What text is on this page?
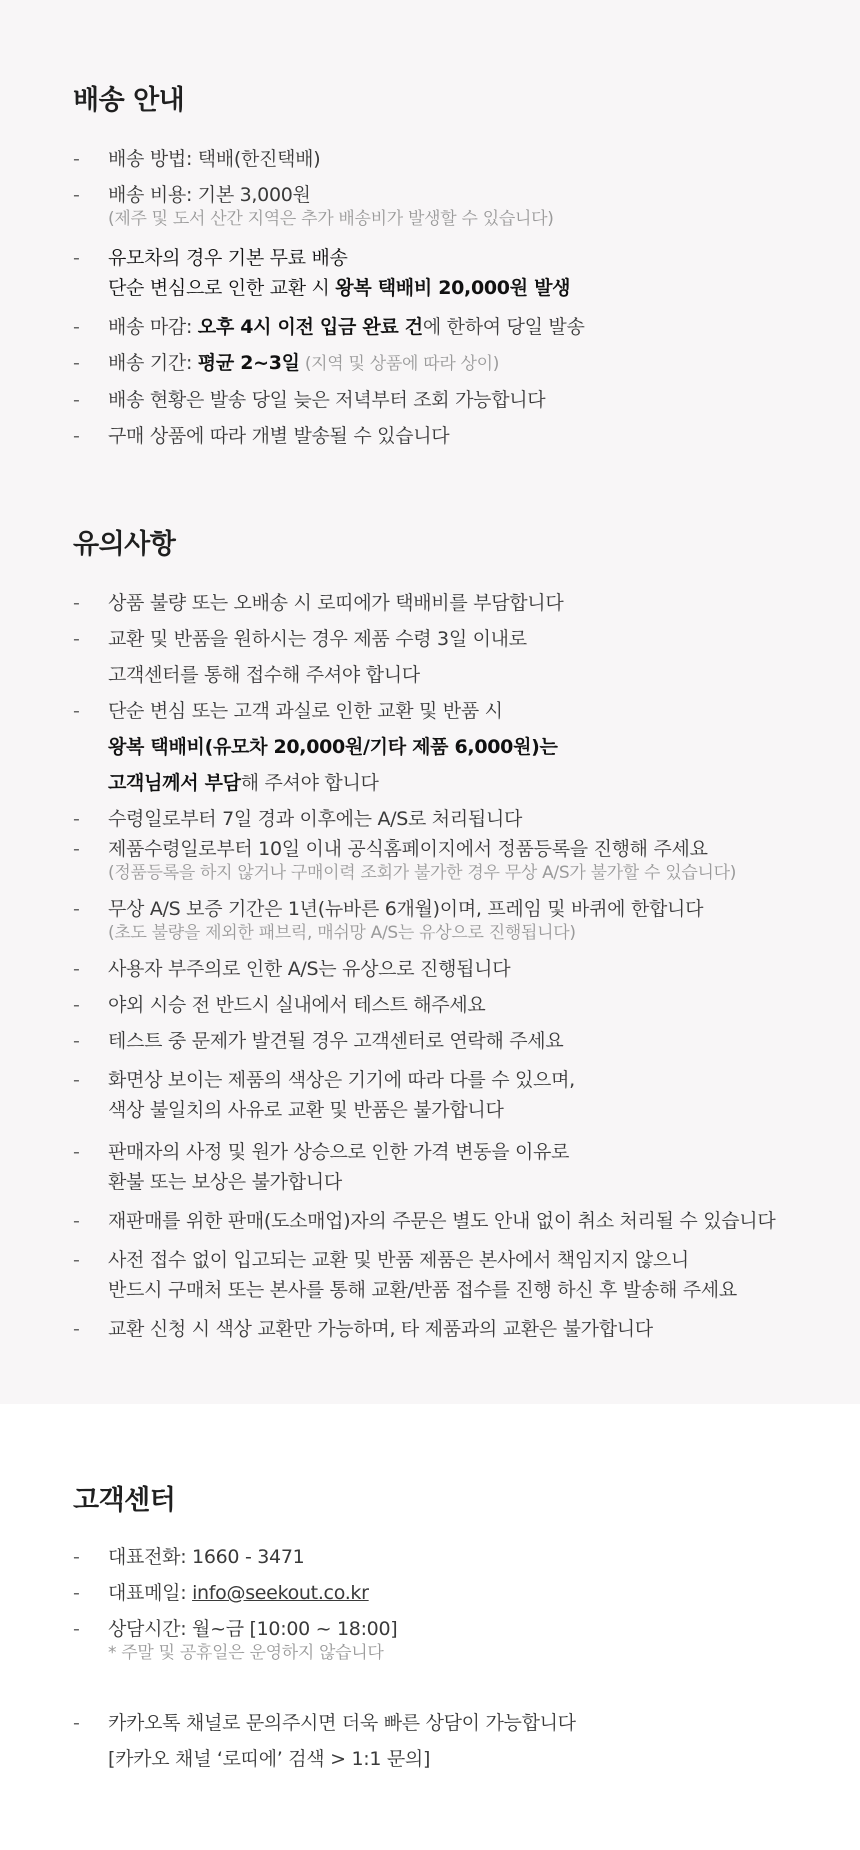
배송 안내
- 배송 방법: 택배(한진택배)
- 배송 비용: 기본 3,000원
(제주 및 도서 산간 지역은 추가 배송비가 발생할 수 있습니다)
- 유모차의 경우 기본 무료 배송
단순 변심으로 인한 교환 시 왕복 택배비 20,000원 발생
- 배송 마감: 오후 4시 이전 입금 완료 건에 한하여 당일 발송
- 배송 기간: 평균 2~3일 (지역 및 상품에 따라 상이)
- 배송 현황은 발송 당일 늦은 저녁부터 조회 가능합니다
- 구매 상품에 따라 개별 발송될 수 있습니다
유의사항
- 상품 불량 또는 오배송 시 로띠에가 택배비를 부담합니다
- 교환 및 반품을 원하시는 경우 제품 수령 3일 이내로
고객센터를 통해 접수해 주셔야 합니다
- 단순 변심 또는 고객 과실로 인한 교환 및 반품 시
왕복 택배비(유모차 20,000원/기타 제품 6,000원)는
고객님께서 부담해 주셔야 합니다
- 수령일로부터 7일 경과 이후에는 A/S로 처리됩니다
- 제품수령일로부터 10일 이내 공식홈페이지에서 정품등록을 진행해 주세요
(정품등록을 하지 않거나 구매이력 조회가 불가한 경우 무상 A/S가 불가할 수 있습니다)
- 무상 A/S 보증 기간은 1년(뉴바른 6개월)이며, 프레임 및 바퀴에 한합니다
(초도 불량을 제외한 패브릭, 매쉬망 A/S는 유상으로 진행됩니다)
- 사용자 부주의로 인한 A/S는 유상으로 진행됩니다
- 야외 시승 전 반드시 실내에서 테스트 해주세요
- 테스트 중 문제가 발견될 경우 고객센터로 연락해 주세요
- 화면상 보이는 제품의 색상은 기기에 따라 다를 수 있으며,
색상 불일치의 사유로 교환 및 반품은 불가합니다
- 판매자의 사정 및 원가 상승으로 인한 가격 변동을 이유로
환불 또는 보상은 불가합니다
- 재판매를 위한 판매(도소매업)자의 주문은 별도 안내 없이 취소 처리될 수 있습니다
- 사전 접수 없이 입고되는 교환 및 반품 제품은 본사에서 책임지지 않으니
반드시 구매처 또는 본사를 통해 교환/반품 접수를 진행 하신 후 발송해 주세요
- 교환 신청 시 색상 교환만 가능하며, 타 제품과의 교환은 불가합니다
고객센터
- 대표전화: 1660 - 3471
- 대표메일: info@seekout.co.kr
- 상담시간: 월~금 [10:00 ~ 18:00]
* 주말 및 공휴일은 운영하지 않습니다
- 카카오톡 채널로 문의주시면 더욱 빠른 상담이 가능합니다
[카카오 채널 ‘로띠에’ 검색 > 1:1 문의]
